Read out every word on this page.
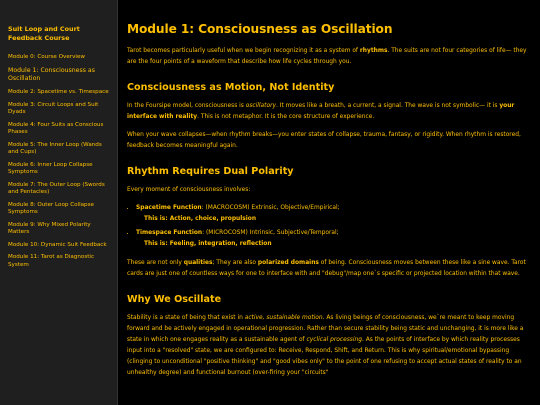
Suit Loop and Court Feedback Course
Module 0: Course Overview
Module 1: Consciousness as Oscillation
Module 2: Spacetime vs. Timespace
Module 3: Circuit Loops and Suit Dyads
Module 4: Four Suits as Conscious Phases
Module 5: The Inner Loop (Wands and Cups)
Module 6: Inner Loop Collapse Symptoms
Module 7: The Outer Loop (Swords and Pentacles)
Module 8: Outer Loop Collapse Symptoms
Module 9: Why Mixed Polarity Matters
Module 10: Dynamic Suit Feedback
Module 11: Tarot as Diagnostic System
Module 1: Consciousness as Oscillation

Tarot becomes particularly useful when we begin recognizing it as a system of rhythms. The suits are not four categories of life— they are the four points of a waveform that describe how life cycles through you.

Consciousness as Motion, Not Identity

In the Foursipe model, consciousness is oscillatory. It moves like a breath, a current, a signal. The wave is not symbolic— it is your interface with reality. This is not metaphor. It is the core structure of experience.

When your wave collapses—when rhythm breaks—you enter states of collapse, trauma, fantasy, or rigidity. When rhythm is restored, feedback becomes meaningful again.

Rhythm Requires Dual Polarity

Every moment of consciousness involves:

• Spacetime Function: (MACROCOSM) Extrinsic, Objective/Empirical;
This is: Action, choice, propulsion
• Timespace Function: (MICROCOSM) Intrinsic, Subjective/Temporal;
This is: Feeling, integration, reflection

These are not only qualities; They are also polarized domains of being. Consciousness moves between these like a sine wave. Tarot cards are just one of countless ways for one to interface with and "debug"/map one`s specific or projected location within that wave.

Why We Oscillate

Stability is a state of being that exist in active, sustainable motion. As living beings of consciousness, we`re meant to keep moving forward and be actively engaged in operational progression. Rather than secure stability being static and unchanging, it is more like a state in which one engages reality as a sustainable agent of cyclical processing. As the points of interface by which reality processes input into a "resolved" state, we are configured to: Receive, Respond, Shift, and Return. This is why spiritual/emotional bypassing (clinging to unconditional "positive thinking" and "good vibes only" to the point of one refusing to accept actual states of reality to an unhealthy degree) and functional burnout (over-firing your "circuits"
